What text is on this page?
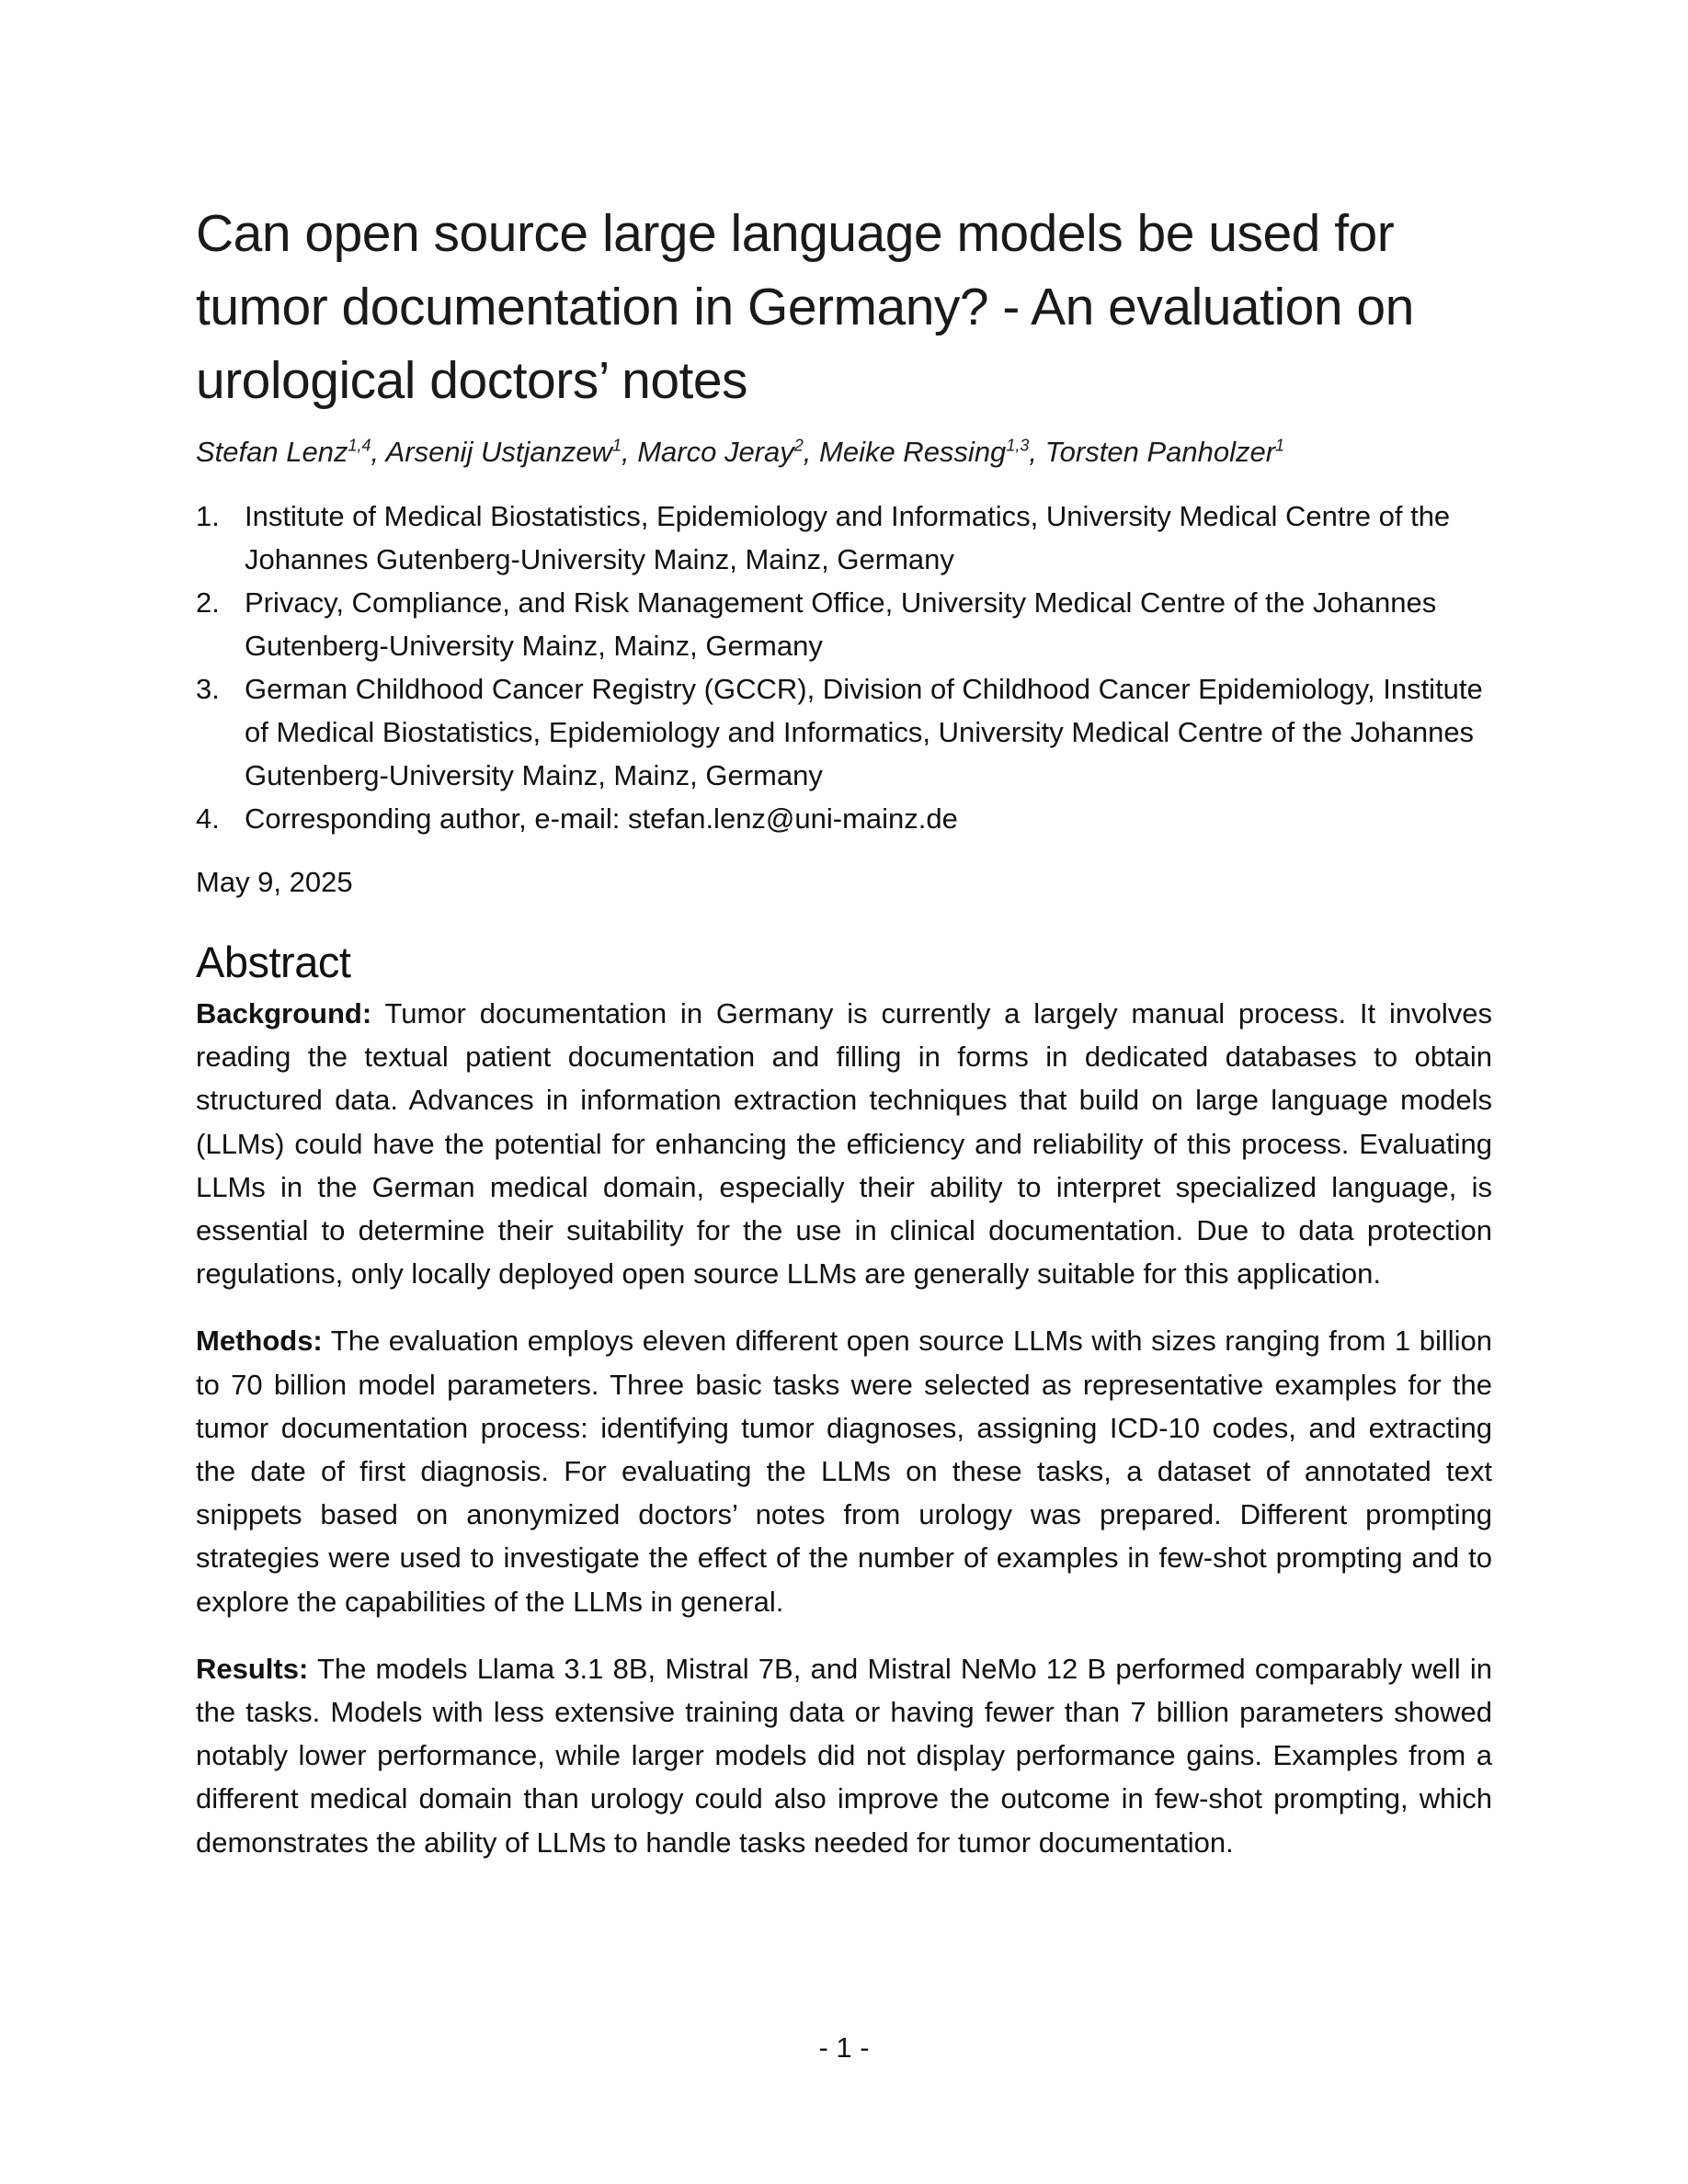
Can open source large language models be used for tumor documentation in Germany? - An evaluation on urological doctors’ notes
Stefan Lenz$^{1,4}$, Arsenij Ustjanzew$^1$, Marco Jeray$^2$, Meike Ressing$^{1,3}$, Torsten Panholzer$^1$
1. Institute of Medical Biostatistics, Epidemiology and Informatics, University Medical Centre of the Johannes Gutenberg-University Mainz, Mainz, Germany
2. Privacy, Compliance, and Risk Management Office, University Medical Centre of the Johannes Gutenberg-University Mainz, Mainz, Germany
3. German Childhood Cancer Registry (GCCR), Division of Childhood Cancer Epidemiology, Institute of Medical Biostatistics, Epidemiology and Informatics, University Medical Centre of the Johannes Gutenberg-University Mainz, Mainz, Germany
4. Corresponding author, e-mail: stefan.lenz@uni-mainz.de
May 9, 2025
Abstract

Background: Tumor documentation in Germany is currently a largely manual process. It involves reading the textual patient documentation and filling in forms in dedicated databases to obtain structured data. Advances in information extraction techniques that build on large language models (LLMs) could have the potential for enhancing the efficiency and reliability of this process. Evaluating LLMs in the German medical domain, especially their ability to interpret specialized language, is essential to determine their suitability for the use in clinical documentation. Due to data protection regulations, only locally deployed open source LLMs are generally suitable for this application.

Methods: The evaluation employs eleven different open source LLMs with sizes ranging from 1 billion to 70 billion model parameters. Three basic tasks were selected as representative examples for the tumor documentation process: identifying tumor diagnoses, assigning ICD-10 codes, and extracting the date of first diagnosis. For evaluating the LLMs on these tasks, a dataset of annotated text snippets based on anonymized doctors’ notes from urology was prepared. Different prompting strategies were used to investigate the effect of the number of examples in few-shot prompting and to explore the capabilities of the LLMs in general.

Results: The models Llama 3.1 8B, Mistral 7B, and Mistral NeMo 12 B performed comparably well in the tasks. Models with less extensive training data or having fewer than 7 billion parameters showed notably lower performance, while larger models did not display performance gains. Examples from a different medical domain than urology could also improve the outcome in few-shot prompting, which demonstrates the ability of LLMs to handle tasks needed for tumor documentation.

- 1 -
